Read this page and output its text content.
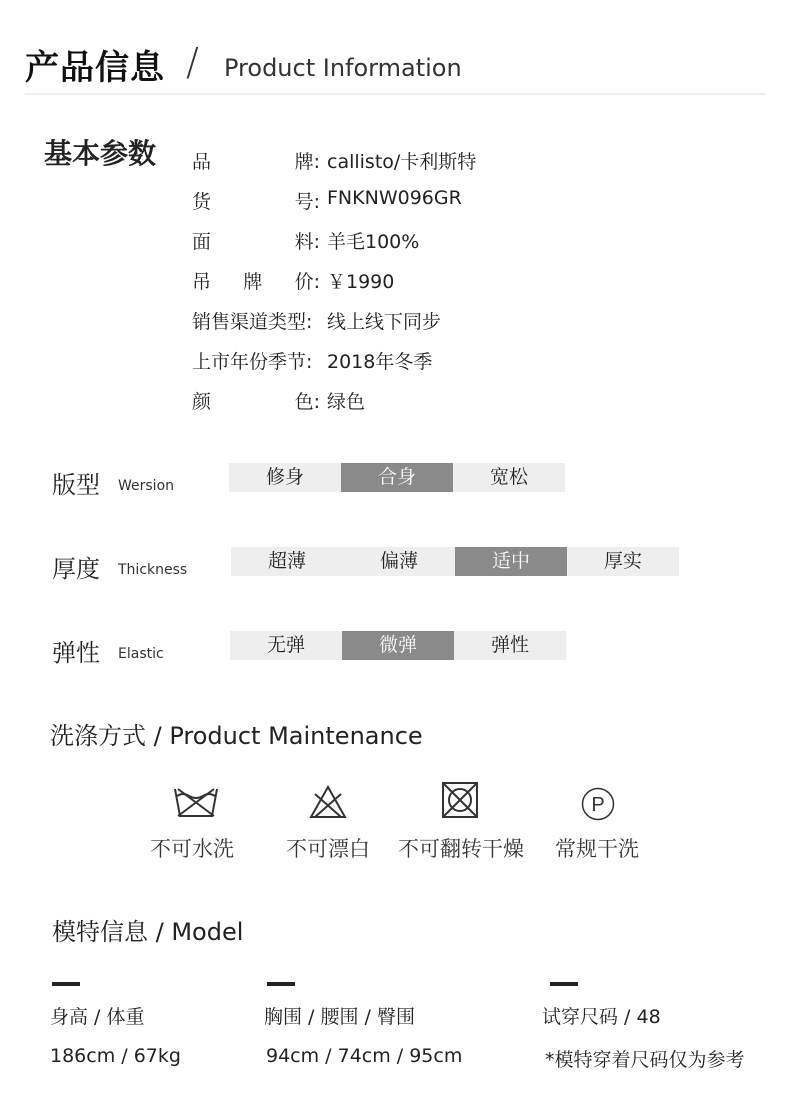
产品信息 / Product Information
基本参数 品	牌: callisto/卡利斯特
货	号: FNKNW096GR
面	料: 羊毛100%
吊 牌 价: ￥1990
销售渠道类型: 线上线下同步
上市年份季节: 2018年冬季
颜	色: 绿色
版型 Wersion	修身	合身	宽松
厚度 Thickness	超薄	偏薄	适中	厚实
弹性 Elastic	无弹	微弹	弹性
洗涤方式 / Product Maintenance
P
不可水洗 不可漂白 不可翻转干燥 常规干洗
模特信息 / Model
身高 / 体重	胸围 / 腰围 / 臀围	试穿尺码 / 48
186cm / 67kg	94cm / 74cm / 95cm	*模特穿着尺码仅为参考
